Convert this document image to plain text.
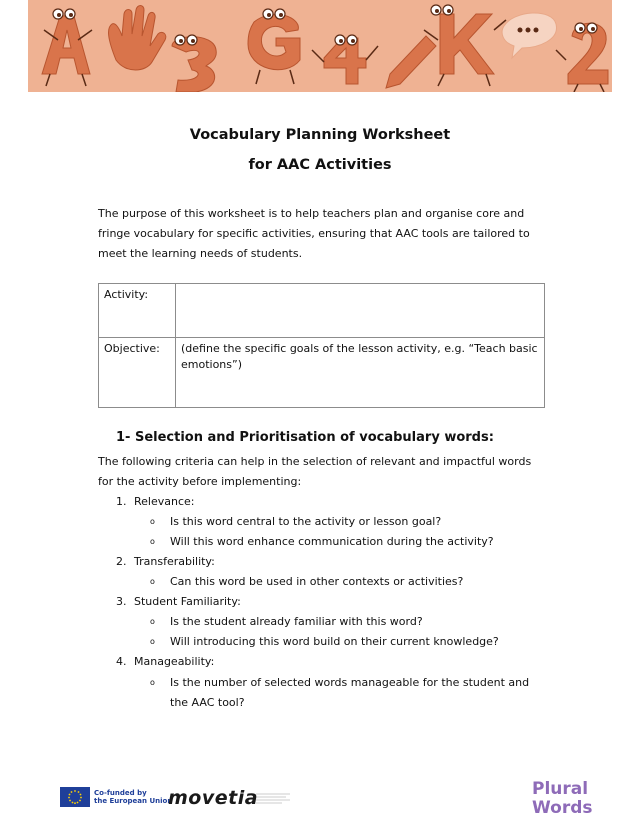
Vocabulary Planning Worksheet
for AAC Activities
The purpose of this worksheet is to help teachers plan and organise core and fringe vocabulary for specific activities, ensuring that AAC tools are tailored to meet the learning needs of students.
Activity:	
Objective:	(define the specific goals of the lesson activity, e.g. “Teach basic emotions”)
1- Selection and Prioritisation of vocabulary words:
The following criteria can help in the selection of relevant and impactful words for the activity before implementing:
1. Relevance:
o Is this word central to the activity or lesson goal?
o Will this word enhance communication during the activity?
2. Transferability:
o Can this word be used in other contexts or activities?
3. Student Familiarity:
o Is the student already familiar with this word?
o Will introducing this word build on their current knowledge?
4. Manageability:
o Is the number of selected words manageable for the student and the AAC tool?
Co-funded by
the European Union
movetia	Plural
Words
